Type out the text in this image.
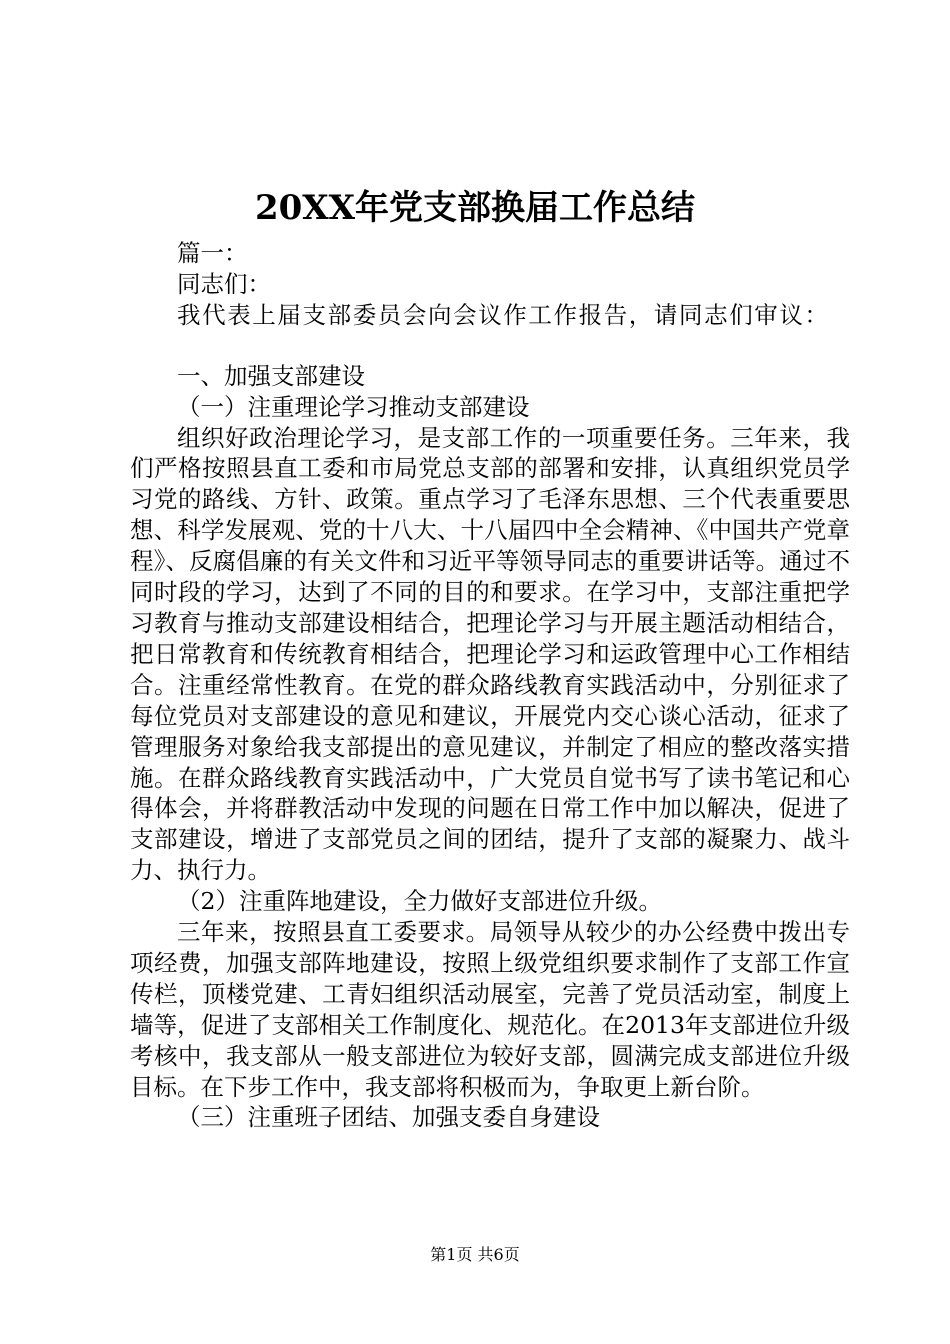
20XX年党支部换届工作总结

篇一：

同志们：

我代表上届支部委员会向会议作工作报告，请同志们审议：

一、加强支部建设

（一）注重理论学习推动支部建设

组织好政治理论学习，是支部工作的一项重要任务。三年来，我们严格按照县直工委和市局党总支部的部署和安排，认真组织党员学习党的路线、方针、政策。重点学习了毛泽东思想、三个代表重要思想、科学发展观、党的十八大、十八届四中全会精神、《中国共产党章程》、反腐倡廉的有关文件和习近平等领导同志的重要讲话等。通过不同时段的学习，达到了不同的目的和要求。在学习中，支部注重把学习教育与推动支部建设相结合，把理论学习与开展主题活动相结合，把日常教育和传统教育相结合，把理论学习和运政管理中心工作相结合。注重经常性教育。在党的群众路线教育实践活动中，分别征求了每位党员对支部建设的意见和建议，开展党内交心谈心活动，征求了管理服务对象给我支部提出的意见建议，并制定了相应的整改落实措施。在群众路线教育实践活动中，广大党员自觉书写了读书笔记和心得体会，并将群教活动中发现的问题在日常工作中加以解决，促进了支部建设，增进了支部党员之间的团结，提升了支部的凝聚力、战斗力、执行力。

（2）注重阵地建设，全力做好支部进位升级。

三年来，按照县直工委要求。局领导从较少的办公经费中拨出专项经费，加强支部阵地建设，按照上级党组织要求制作了支部工作宣传栏，顶楼党建、工青妇组织活动展室，完善了党员活动室，制度上墙等，促进了支部相关工作制度化、规范化。在2013年支部进位升级考核中，我支部从一般支部进位为较好支部，圆满完成支部进位升级目标。在下步工作中，我支部将积极而为，争取更上新台阶。

（三）注重班子团结、加强支委自身建设

第1页 共6页
